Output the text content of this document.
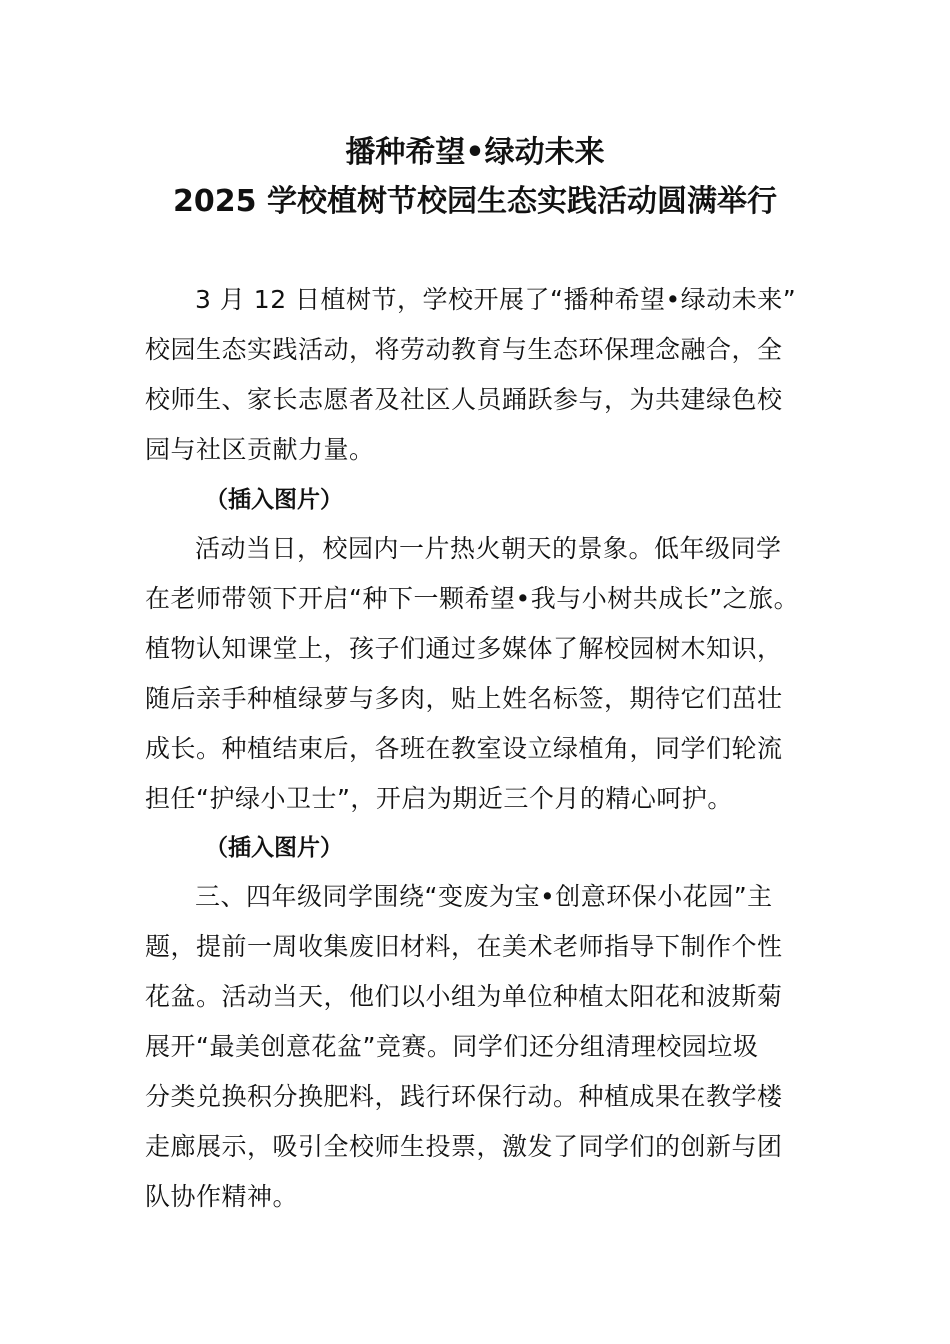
播种希望•绿动未来
2025 学校植树节校园生态实践活动圆满举行
3 月 12 日植树节，学校开展了“播种希望•绿动未来”
校园生态实践活动，将劳动教育与生态环保理念融合，全
校师生、家长志愿者及社区人员踊跃参与，为共建绿色校
园与社区贡献力量。
（插入图片）
活动当日，校园内一片热火朝天的景象。低年级同学
在老师带领下开启“种下一颗希望•我与小树共成长”之旅。
植物认知课堂上，孩子们通过多媒体了解校园树木知识，
随后亲手种植绿萝与多肉，贴上姓名标签，期待它们茁壮
成长。种植结束后，各班在教室设立绿植角，同学们轮流
担任“护绿小卫士”，开启为期近三个月的精心呵护。
（插入图片）
三、四年级同学围绕“变废为宝•创意环保小花园”主
题，提前一周收集废旧材料，在美术老师指导下制作个性
花盆。活动当天，他们以小组为单位种植太阳花和波斯菊
展开“最美创意花盆”竞赛。同学们还分组清理校园垃圾
分类兑换积分换肥料，践行环保行动。种植成果在教学楼
走廊展示，吸引全校师生投票，激发了同学们的创新与团
队协作精神。
